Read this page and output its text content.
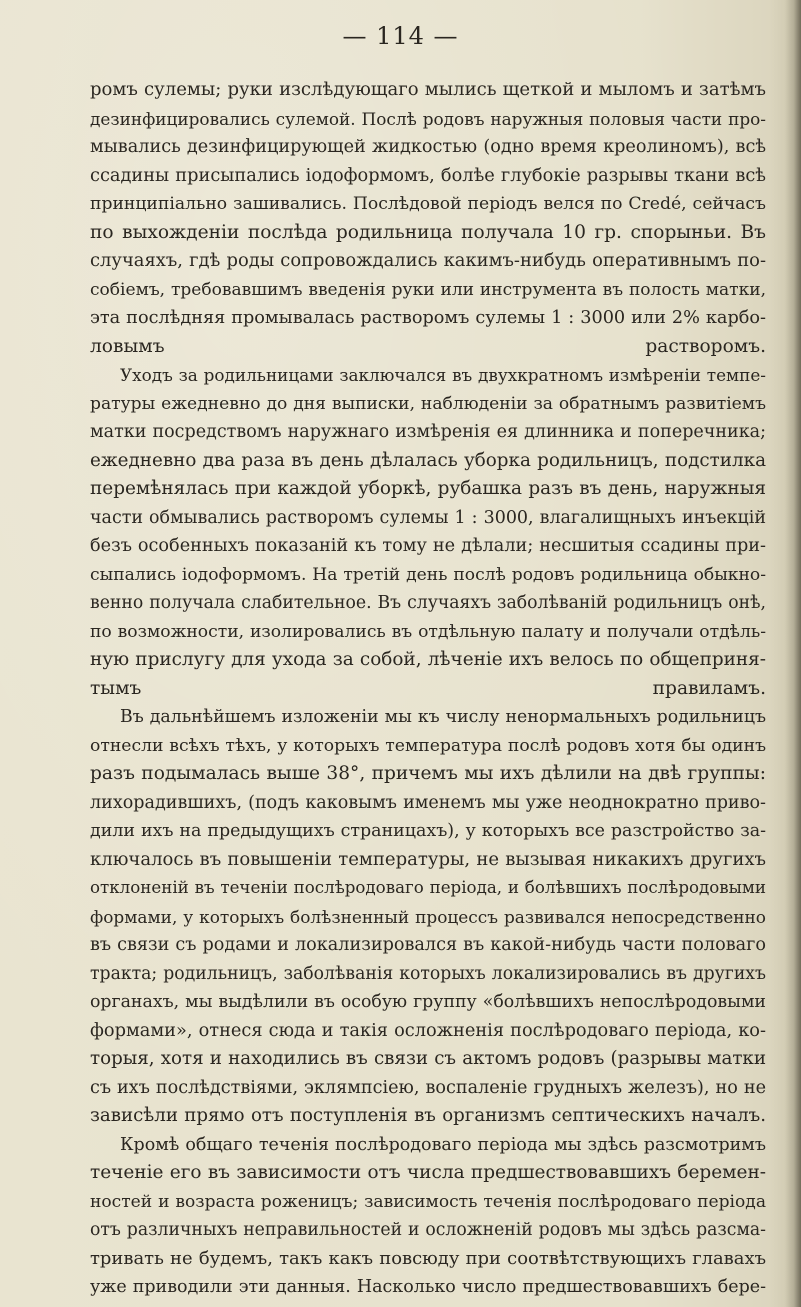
— 114 —
ромъ сулемы; руки изслѣдующаго мылись щеткой и мыломъ и затѣмъ
дезинфицировались сулемой. Послѣ родовъ наружныя половыя части про-
мывались дезинфицирующей жидкостью (одно время креолиномъ), всѣ
ссадины присыпались іодоформомъ, болѣе глубокіе разрывы ткани всѣ
принципіально зашивались. Послѣдовой періодъ велся по Credé, сейчасъ
по выхожденіи послѣда родильница получала 10 гр. спорыньи. Въ
случаяхъ, гдѣ роды сопровождались какимъ-нибудь оперативнымъ по-
собіемъ, требовавшимъ введенія руки или инструмента въ полость матки,
эта послѣдняя промывалась растворомъ сулемы 1 : 3000 или 2% карбо-
ловымъ растворомъ.
Уходъ за родильницами заключался въ двухкратномъ измѣреніи темпе-
ратуры ежедневно до дня выписки, наблюденіи за обратнымъ развитіемъ
матки посредствомъ наружнаго измѣренія ея длинника и поперечника;
ежедневно два раза въ день дѣлалась уборка родильницъ, подстилка
перемѣнялась при каждой уборкѣ, рубашка разъ въ день, наружныя
части обмывались растворомъ сулемы 1 : 3000, влагалищныхъ инъекцій
безъ особенныхъ показаній къ тому не дѣлали; несшитыя ссадины при-
сыпались іодоформомъ. На третій день послѣ родовъ родильница обыкно-
венно получала слабительное. Въ случаяхъ заболѣваній родильницъ онѣ,
по возможности, изолировались въ отдѣльную палату и получали отдѣль-
ную прислугу для ухода за собой, лѣченіе ихъ велось по общеприня-
тымъ правиламъ.
Въ дальнѣйшемъ изложеніи мы къ числу ненормальныхъ родильницъ
отнесли всѣхъ тѣхъ, у которыхъ температура послѣ родовъ хотя бы одинъ
разъ подымалась выше 38°, причемъ мы ихъ дѣлили на двѣ группы:
лихорадившихъ, (подъ каковымъ именемъ мы уже неоднократно приво-
дили ихъ на предыдущихъ страницахъ), у которыхъ все разстройство за-
ключалось въ повышеніи температуры, не вызывая никакихъ другихъ
отклоненій въ теченіи послѣродоваго періода, и болѣвшихъ послѣродовыми
формами, у которыхъ болѣзненный процессъ развивался непосредственно
въ связи съ родами и локализировался въ какой-нибудь части половаго
тракта; родильницъ, заболѣванія которыхъ локализировались въ другихъ
органахъ, мы выдѣлили въ особую группу «болѣвшихъ непослѣродовыми
формами», отнеся сюда и такія осложненія послѣродоваго періода, ко-
торыя, хотя и находились въ связи съ актомъ родовъ (разрывы матки
съ ихъ послѣдствіями, эклямпсіею, воспаленіе грудныхъ железъ), но не
зависѣли прямо отъ поступленія въ организмъ септическихъ началъ.
Кромѣ общаго теченія послѣродоваго періода мы здѣсь разсмотримъ
теченіе его въ зависимости отъ числа предшествовавшихъ беремен-
ностей и возраста роженицъ; зависимость теченія послѣродоваго періода
отъ различныхъ неправильностей и осложненій родовъ мы здѣсь разсма-
тривать не будемъ, такъ какъ повсюду при соотвѣтствующихъ главахъ
уже приводили эти данныя. Насколько число предшествовавшихъ бере-
